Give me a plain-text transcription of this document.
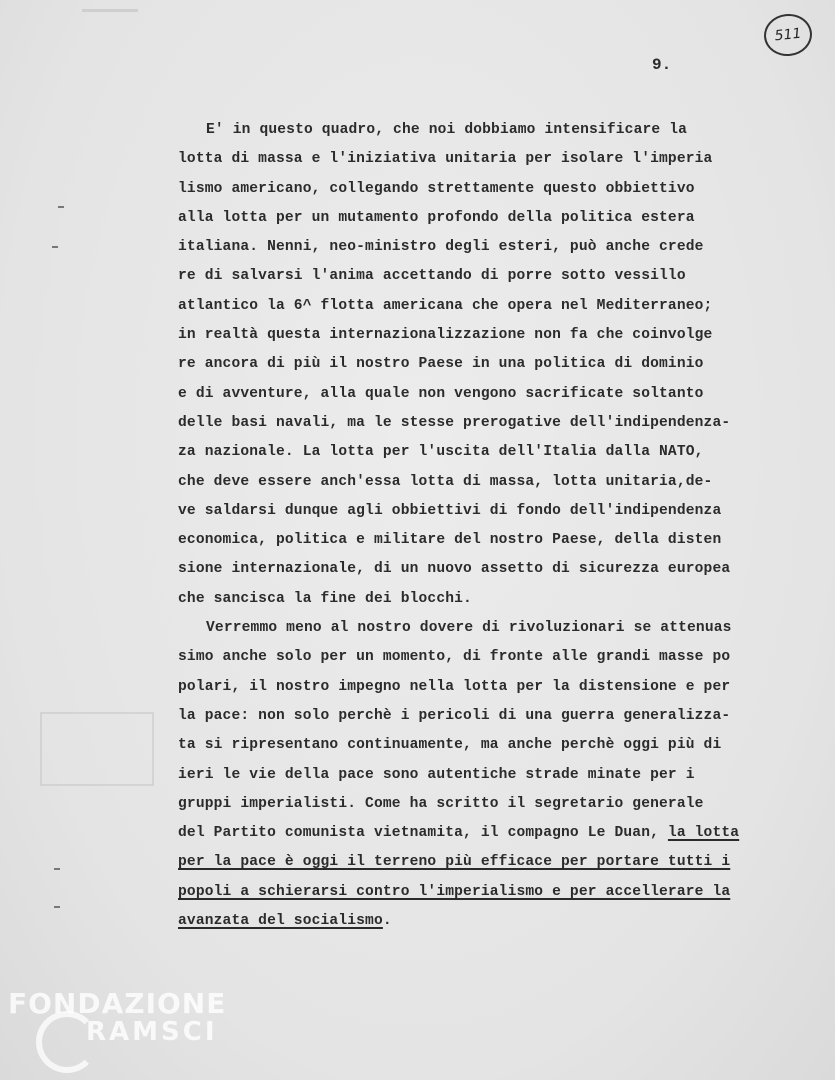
511
9.
E' in questo quadro, che noi dobbiamo intensificare la
lotta di massa e l'iniziativa unitaria per isolare l'imperia
lismo americano, collegando strettamente questo obbiettivo
alla lotta per un mutamento profondo della politica estera
italiana. Nenni, neo-ministro degli esteri, può anche crede
re di salvarsi l'anima accettando di porre sotto vessillo
atlantico la 6^ flotta americana che opera nel Mediterraneo;
in realtà questa internazionalizzazione non fa che coinvolge
re ancora di più il nostro Paese in una politica di dominio
e di avventure, alla quale non vengono sacrificate soltanto
delle basi navali, ma le stesse prerogative dell'indipendenza-
za nazionale. La lotta per l'uscita dell'Italia dalla NATO,
che deve essere anch'essa lotta di massa, lotta unitaria,de-
ve saldarsi dunque agli obbiettivi di fondo dell'indipendenza
economica, politica e militare del nostro Paese, della disten
sione internazionale, di un nuovo assetto di sicurezza europea
che sancisca la fine dei blocchi.
Verremmo meno al nostro dovere di rivoluzionari se attenuas
simo anche solo per un momento, di fronte alle grandi masse po
polari, il nostro impegno nella lotta per la distensione e per
la pace: non solo perchè i pericoli di una guerra generalizza-
ta si ripresentano continuamente, ma anche perchè oggi più di
ieri le vie della pace sono autentiche strade minate per i
gruppi imperialisti. Come ha scritto il segretario generale
del Partito comunista vietnamita, il compagno Le Duan, la lotta
per la pace è oggi il terreno più efficace per portare tutti i
popoli a schierarsi contro l'imperialismo e per accellerare la
avanzata del socialismo.
FONDAZIONE
RAMSCI
